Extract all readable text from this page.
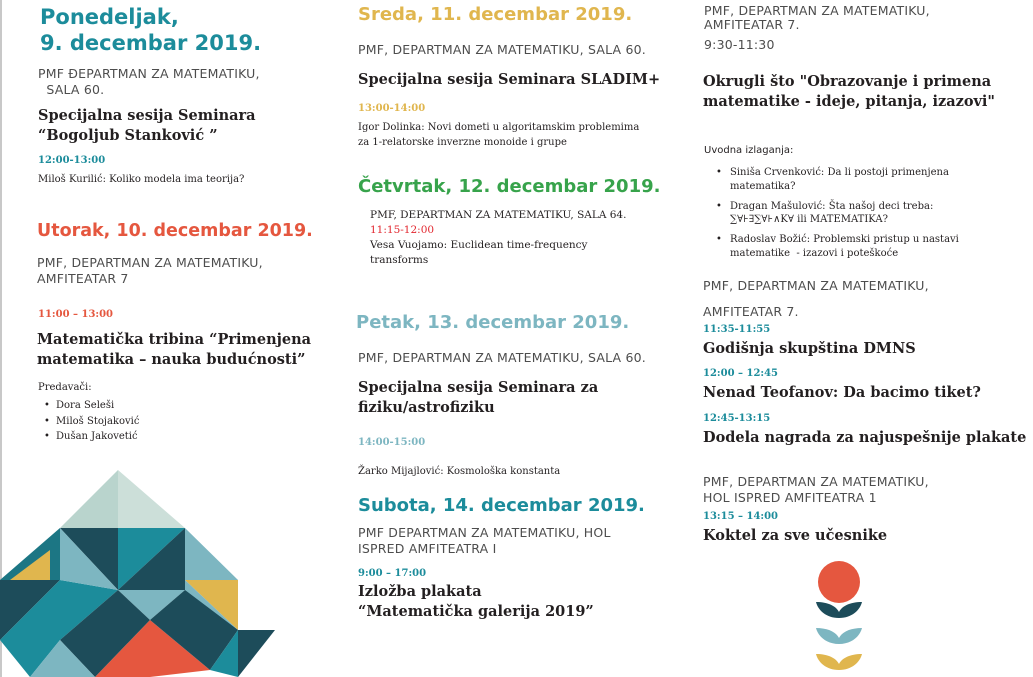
Ponedeljak,

9. decembar 2019.

PMF ĐEPARTMAN ZA MATEMATIKU,
SALA 60.

Specijalna sesija Seminara
“Bogoljub Stanković ”

12:00-13:00

Miloš Kurilić: Koliko modela ima teorija?

Utorak, 10. decembar 2019.

PMF, DEPARTMAN ZA MATEMATIKU,
AMFITEATAR 7

11:00 – 13:00

Matematička tribina “Primenjena
matematika – nauka budućnosti”

Predavači:

• Dora Seleši
• Miloš Stojaković
• Dušan Jakovetić

Sreda, 11. decembar 2019.

PMF, DEPARTMAN ZA MATEMATIKU, SALA 60.

Specijalna sesija Seminara SLADIM+

13:00-14:00

Igor Dolinka: Novi dometi u algoritamskim problemima
za 1-relatorske inverzne monoide i grupe

Četvrtak, 12. decembar 2019.

PMF, DEPARTMAN ZA MATEMATIKU, SALA 64.

11:15-12:00

Vesa Vuojamo: Euclidean time-frequency
transforms

Petak, 13. decembar 2019.

PMF, DEPARTMAN ZA MATEMATIKU, SALA 60.

Specijalna sesija Seminara za
fiziku/astrofiziku

14:00-15:00

Žarko Mijajlović: Kosmološka konstanta

Subota, 14. decembar 2019.

PMF DEPARTMAN ZA MATEMATIKU, HOL
ISPRED AMFITEATRA I

9:00 – 17:00

Izložba plakata
“Matematička galerija 2019”

PMF, DEPARTMAN ZA MATEMATIKU,
AMFITEATAR 7.

9:30-11:30

Okrugli što "Obrazovanje i primena
matematike - ideje, pitanja, izazovi"

Uvodna izlaganja:

• Siniša Crvenković: Da li postoji primenjena
matematika?
• Dragan Mašulović: Šta našoj deci treba:
∑∀⊦∃∑∀⊦∧K∀ ili MATEMATIKA?
• Radoslav Božić: Problemski pristup u nastavi
matematike  - izazovi i poteškoće

PMF, DEPARTMAN ZA MATEMATIKU,

AMFITEATAR 7.

11:35-11:55

Godišnja skupština DMNS

12:00 – 12:45

Nenad Teofanov: Da bacimo tiket?

12:45-13:15

Dodela nagrada za najuspešnije plakate

PMF, DEPARTMAN ZA MATEMATIKU,
HOL ISPRED AMFITEATRA 1

13:15 – 14:00

Koktel za sve učesnike
